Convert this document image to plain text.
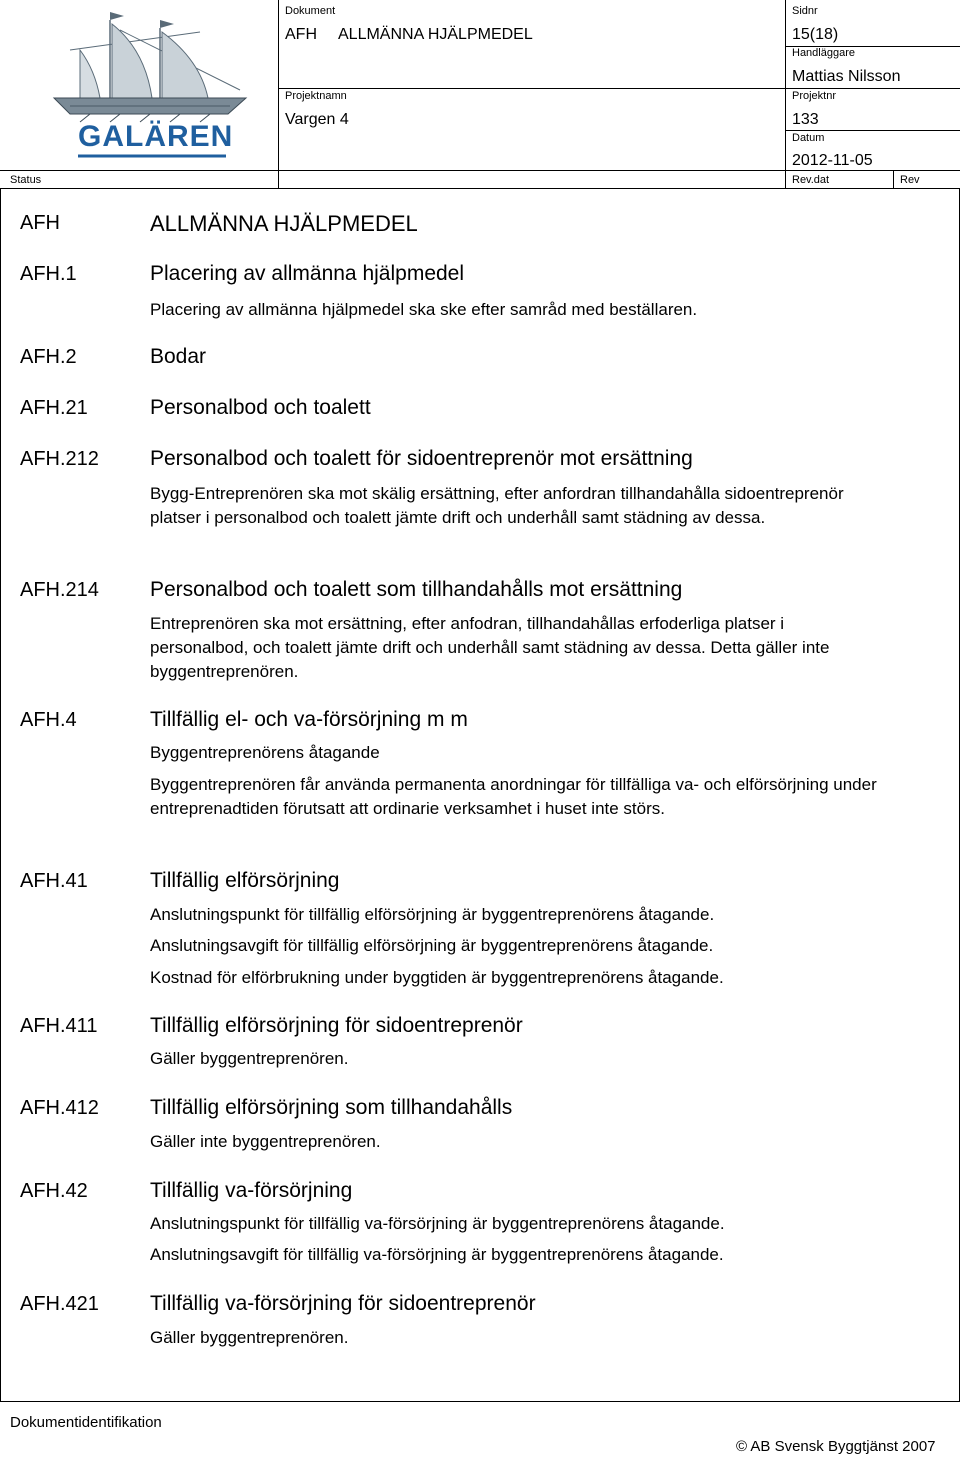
GALÄREN
Dokument
AFH ALLMÄNNA HJÄLPMEDEL
Sidnr
15(18)
Handläggare
Mattias Nilsson
Projektnamn
Vargen 4
Projektnr
133
Datum
2012-11-05
Status	Rev.dat	Rev
AFH	ALLMÄNNA HJÄLPMEDEL
AFH.1	Placering av allmänna hjälpmedel
Placering av allmänna hjälpmedel ska ske efter samråd med beställaren.
AFH.2	Bodar
AFH.21	Personalbod och toalett
AFH.212 Personalbod och toalett för sidoentreprenör mot ersättning
Bygg-Entreprenören ska mot skälig ersättning, efter anfordran tillhandahålla sidoentreprenör platser i personalbod och toalett jämte drift och underhåll samt städning av dessa.
AFH.214 Personalbod och toalett som tillhandahålls mot ersättning
Entreprenören ska mot ersättning, efter anfodran, tillhandahållas erfoderliga platser i personalbod, och toalett jämte drift och underhåll samt städning av dessa. Detta gäller inte byggentreprenören.
AFH.4	Tillfällig el- och va-försörjning m m
Byggentreprenörens åtagande
Byggentreprenören får använda permanenta anordningar för tillfälliga va- och elförsörjning under entreprenadtiden förutsatt att ordinarie verksamhet i huset inte störs.
AFH.41	Tillfällig elförsörjning
Anslutningspunkt för tillfällig elförsörjning är byggentreprenörens åtagande.
Anslutningsavgift för tillfällig elförsörjning är byggentreprenörens åtagande.
Kostnad för elförbrukning under byggtiden är byggentreprenörens åtagande.
AFH.411	Tillfällig elförsörjning för sidoentreprenör
Gäller byggentreprenören.
AFH.412 Tillfällig elförsörjning som tillhandahålls
Gäller inte byggentreprenören.
AFH.42	Tillfällig va-försörjning
Anslutningspunkt för tillfällig va-försörjning är byggentreprenörens åtagande.
Anslutningsavgift för tillfällig va-försörjning är byggentreprenörens åtagande.
AFH.421 Tillfällig va-försörjning för sidoentreprenör
Gäller byggentreprenören.
Dokumentidentifikation
© AB Svensk Byggtjänst 2007
